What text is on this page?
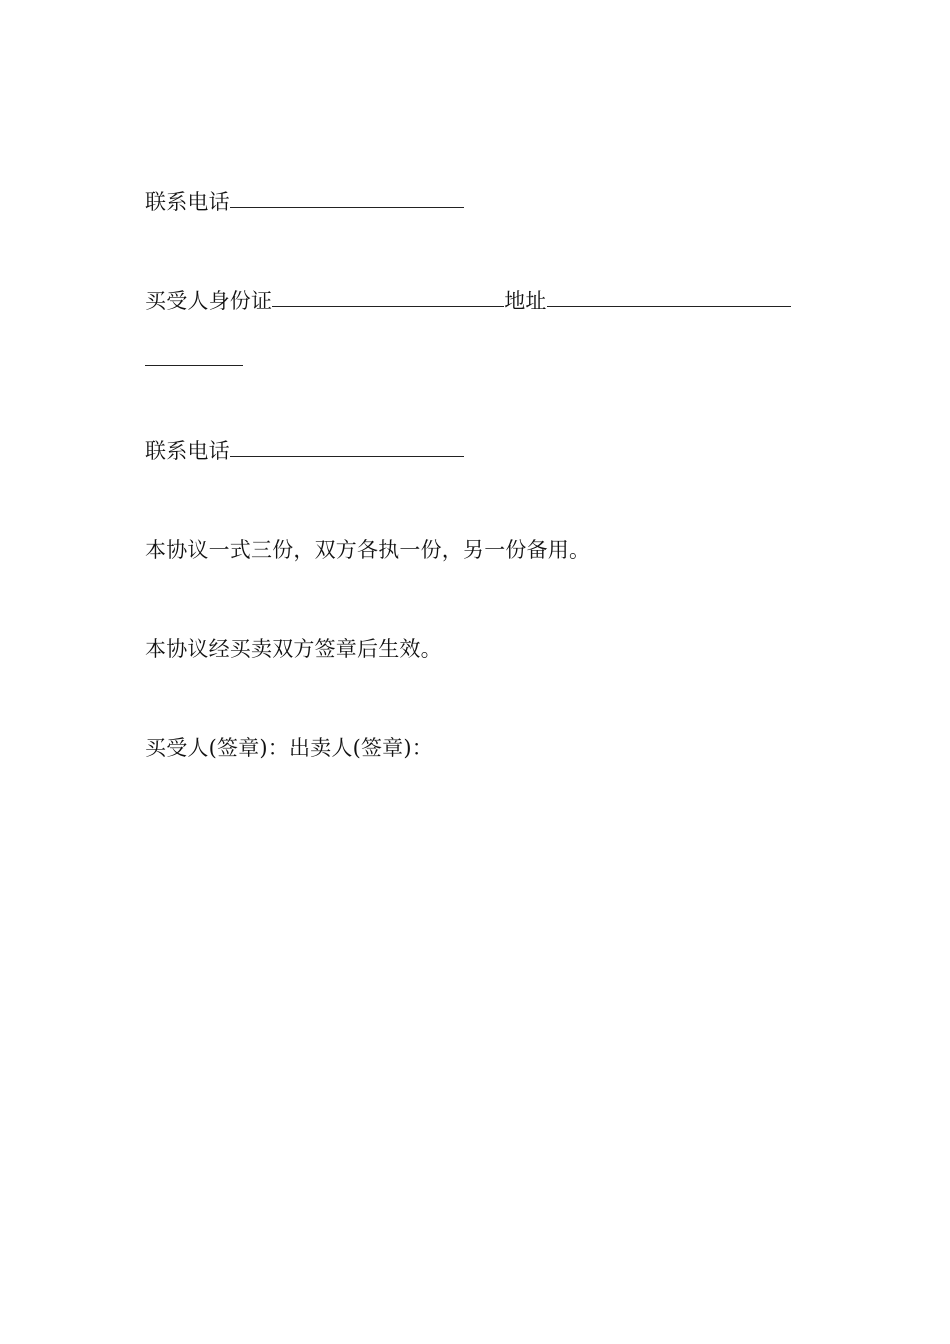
联系电话
买受人身份证	地址
联系电话
本协议一式三份，双方各执一份，另一份备用。
本协议经买卖双方签章后生效。
买受人(签章)：出卖人(签章)：
